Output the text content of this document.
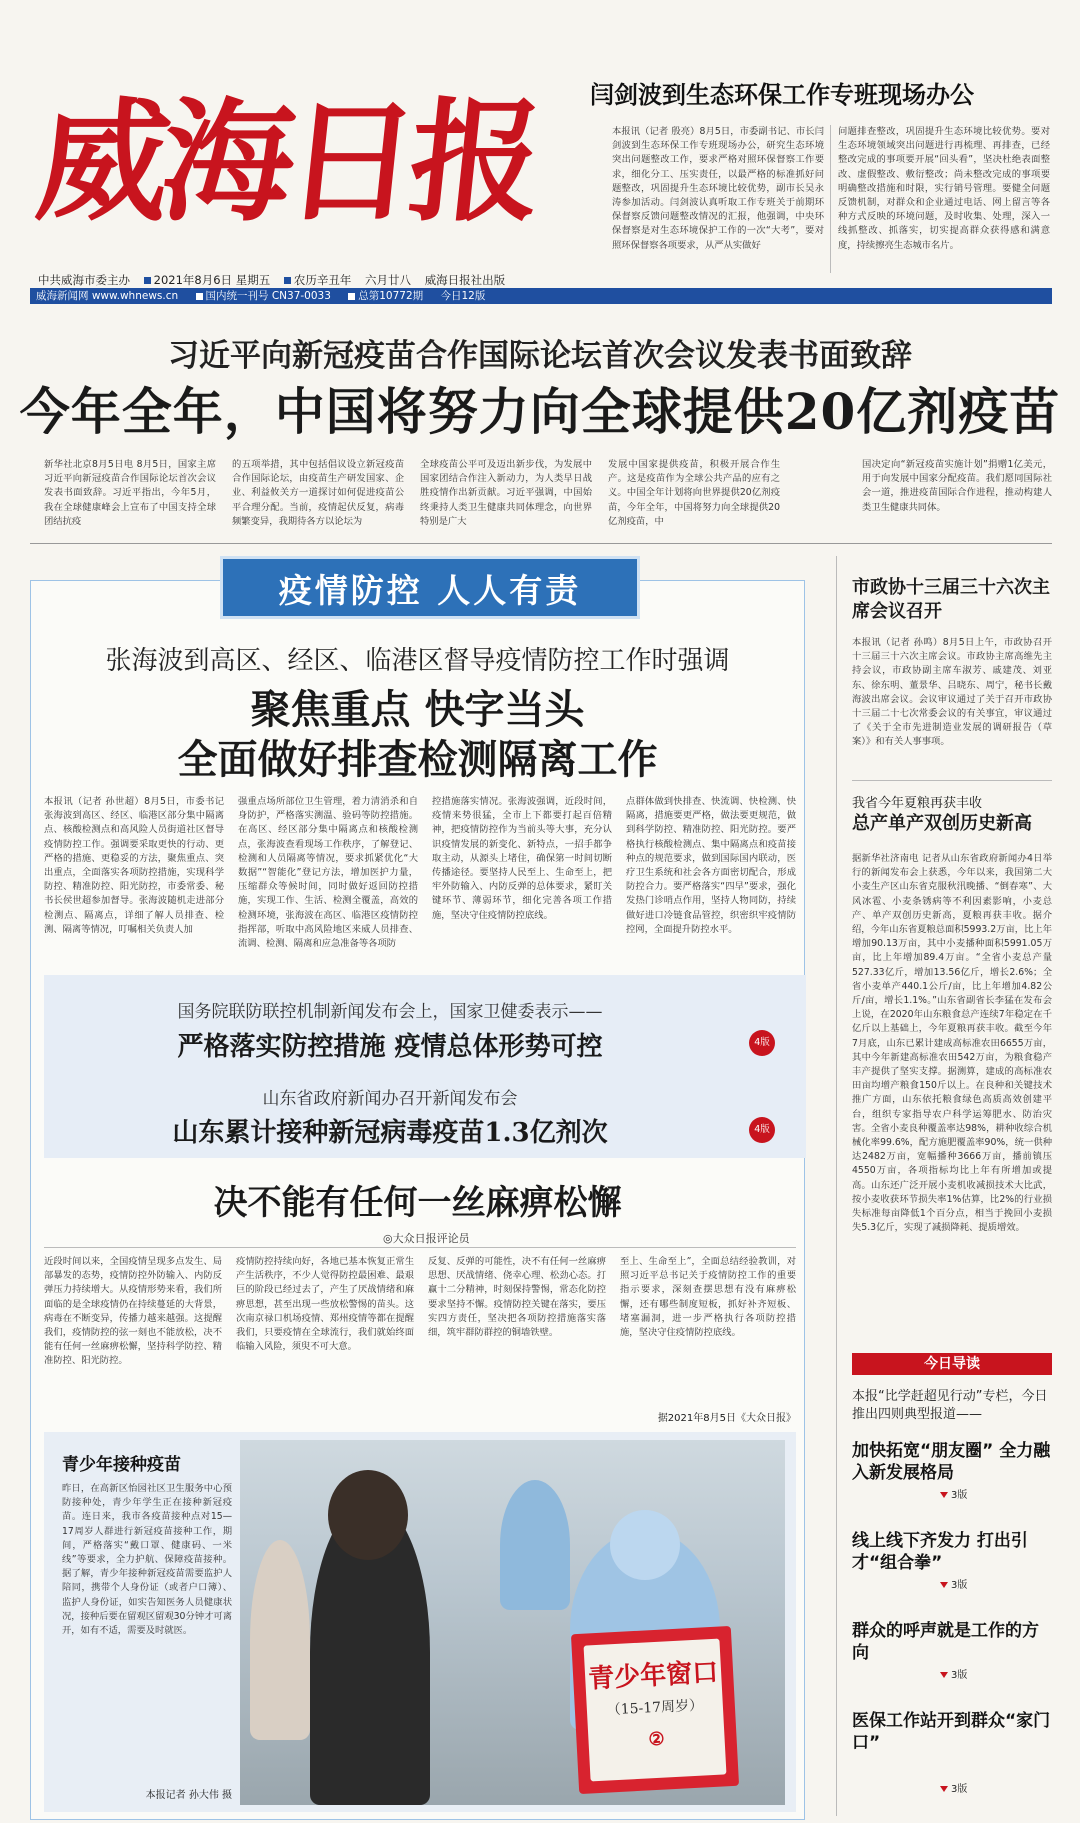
威海日报
中共威海市委主办 2021年8月6日 星期五 农历辛丑年 六月廿八 威海日报社出版
威海新闻网 www.whnews.cn	国内统一刊号 CN37-0033	总第10772期 今日12版
闫剑波到生态环保工作专班现场办公
本报讯（记者 殷亮）8月5日，市委副书记、市长闫剑波到生态环保工作专班现场办公，研究生态环境突出问题整改工作，要求严格对照环保督察工作要求，细化分工、压实责任，以最严格的标准抓好问题整改，巩固提升生态环境比较优势，副市长吴永涛参加活动。闫剑波认真听取工作专班关于前期环保督察反馈问题整改情况的汇报，他强调，中央环保督察是对生态环境保护工作的一次“大考”，要对照环保督察各项要求，从严从实做好
问题排查整改，巩固提升生态环境比较优势。要对生态环境领域突出问题进行再梳理、再排查，已经整改完成的事项要开展“回头看”，坚决杜绝表面整改、虚假整改、敷衍整改；尚未整改完成的事项要明确整改措施和时限，实行销号管理。要健全问题反馈机制，对群众和企业通过电话、网上留言等各种方式反映的环境问题，及时收集、处理，深入一线抓整改、抓落实，切实提高群众获得感和满意度，持续擦亮生态城市名片。
习近平向新冠疫苗合作国际论坛首次会议发表书面致辞
今年全年，中国将努力向全球提供20亿剂疫苗
新华社北京8月5日电 8月5日，国家主席习近平向新冠疫苗合作国际论坛首次会议发表书面致辞。习近平指出，今年5月，我在全球健康峰会上宣布了中国支持全球团结抗疫
的五项举措，其中包括倡议设立新冠疫苗合作国际论坛，由疫苗生产研发国家、企业、利益攸关方一道探讨如何促进疫苗公平合理分配。当前，疫情起伏反复，病毒频繁变异，我期待各方以论坛为
全球疫苗公平可及迈出新步伐，为发展中国家团结合作注入新动力，为人类早日战胜疫情作出新贡献。习近平强调，中国始终秉持人类卫生健康共同体理念，向世界特别是广大
发展中国家提供疫苗，积极开展合作生产。这是疫苗作为全球公共产品的应有之义。中国全年计划将向世界提供20亿剂疫苗，今年全年，中国将努力向全球提供20亿剂疫苗，中
国决定向“新冠疫苗实施计划”捐赠1亿美元，用于向发展中国家分配疫苗。我们愿同国际社会一道，推进疫苗国际合作进程，推动构建人类卫生健康共同体。
疫情防控 人人有责
张海波到高区、经区、临港区督导疫情防控工作时强调
聚焦重点 快字当头
全面做好排查检测隔离工作
本报讯（记者 孙世超）8月5日，市委书记张海波到高区、经区、临港区部分集中隔离点、核酸检测点和高风险人员街道社区督导疫情防控工作。强调要采取更快的行动、更严格的措施、更稳妥的方法，聚焦重点、突出重点，全面落实各项防控措施，实现科学防控、精准防控、阳光防控，市委常委、秘书长侯世超参加督导。张海波随机走进部分检测点、隔离点，详细了解人员排查、检测、隔离等情况，叮嘱相关负责人加
强重点场所部位卫生管理，着力清消杀和自身防护，严格落实测温、验码等防控措施。在高区、经区部分集中隔离点和核酸检测点，张海波查看现场工作秩序，了解登记、检测和人员隔离等情况，要求抓紧优化“大数据”“智能化”登记方法，增加医护力量，压缩群众等候时间，同时做好返回防控措施，实现工作、生活、检测全覆盖，高效的检测环境，张海波在高区、临港区疫情防控指挥部，听取中高风险地区来威人员排查、流调、检测、隔离和应急准备等各项防
控措施落实情况。张海波强调，近段时间，疫情来势很猛，全市上下都要打起百倍精神，把疫情防控作为当前头等大事，充分认识疫情发展的新变化、新特点，一招手都争取主动，从源头上堵住，确保第一时间切断传播途径。要坚持人民至上、生命至上，把牢外防输入、内防反弹的总体要求，紧盯关键环节、薄弱环节，细化完善各项工作措施，坚决守住疫情防控底线。
点群体做到快排查、快流调、快检测、快隔离，措施要更严格，做法要更规范，做到科学防控、精准防控、阳光防控。要严格执行核酸检测点、集中隔离点和疫苗接种点的规范要求，做到国际国内联动，医疗卫生系统和社会各方面密切配合，形成防控合力。要严格落实“四早”要求，强化发热门诊哨点作用，坚持人物同防，持续做好进口冷链食品管控，织密织牢疫情防控网，全面提升防控水平。
国务院联防联控机制新闻发布会上，国家卫健委表示——
严格落实防控措施 疫情总体形势可控	4版
山东省政府新闻办召开新闻发布会
山东累计接种新冠病毒疫苗1.3亿剂次	4版
决不能有任何一丝麻痹松懈
◎大众日报评论员
近段时间以来，全国疫情呈现多点发生、局部暴发的态势，疫情防控外防输入、内防反弹压力持续增大。从疫情形势来看，我们所面临的是全球疫情仍在持续蔓延的大背景，病毒在不断变异，传播力越来越强。这提醒我们，疫情防控的弦一刻也不能放松，决不能有任何一丝麻痹松懈，坚持科学防控、精准防控、阳光防控。
疫情防控持续向好，各地已基本恢复正常生产生活秩序，不少人觉得防控最困难、最艰巨的阶段已经过去了，产生了厌战情绪和麻痹思想，甚至出现一些放松警惕的苗头。这次南京禄口机场疫情、郑州疫情等都在提醒我们，只要疫情在全球流行，我们就始终面临输入风险，须臾不可大意。
反复、反弹的可能性，决不有任何一丝麻痹思想、厌战情绪、侥幸心理、松劲心态。打赢十二分精神，时刻保持警惕，常态化防控要求坚持不懈。疫情防控关键在落实，要压实四方责任，坚决把各项防控措施落实落细，筑牢群防群控的铜墙铁壁。
至上、生命至上”，全面总结经验教训，对照习近平总书记关于疫情防控工作的重要指示要求，深刻查摆思想有没有麻痹松懈，还有哪些制度短板，抓好补齐短板、堵塞漏洞，进一步严格执行各项防控措施，坚决守住疫情防控底线。
据2021年8月5日《大众日报》
青少年接种疫苗
昨日，在高新区怡园社区卫生服务中心预防接种处，青少年学生正在接种新冠疫苗。连日来，我市各疫苗接种点对15—17周岁人群进行新冠疫苗接种工作，期间，严格落实“戴口罩、健康码、一米线”等要求，全力护航、保障疫苗接种。据了解，青少年接种新冠疫苗需要监护人陪同，携带个人身份证（或者户口簿）、监护人身份证，如实告知医务人员健康状况，接种后要在留观区留观30分钟才可离开，如有不适，需要及时就医。
本报记者 孙大伟 摄
青少年窗口
（15-17周岁）
②
市政协十三届三十六次主席会议召开
本报讯（记者 孙鸣）8月5日上午，市政协召开十三届三十六次主席会议。市政协主席高维先主持会议，市政协副主席车淑芳、戚建茂、刘亚东、徐东明、董景华、吕晓东、周宁，秘书长戴海波出席会议。会议审议通过了关于召开市政协十三届二十七次常委会议的有关事宜，审议通过了《关于全市先进制造业发展的调研报告（草案）》和有关人事事项。
我省今年夏粮再获丰收
总产单产双创历史新高
据新华社济南电 记者从山东省政府新闻办4日举行的新闻发布会上获悉，今年以来，我国第二大小麦生产区山东省克服秋汛晚播、“倒春寒”、大风冰雹、小麦条锈病等不利因素影响，小麦总产、单产双创历史新高，夏粮再获丰收。据介绍，今年山东省夏粮总面积5993.2万亩，比上年增加90.13万亩，其中小麦播种面积5991.05万亩，比上年增加89.4万亩。“全省小麦总产量527.33亿斤，增加13.56亿斤，增长2.6%；全省小麦单产440.1公斤/亩，比上年增加4.82公斤/亩，增长1.1%。”山东省副省长李猛在发布会上说，在2020年山东粮食总产连续7年稳定在千亿斤以上基础上，今年夏粮再获丰收。截至今年7月底，山东已累计建成高标准农田6655万亩，其中今年新建高标准农田542万亩，为粮食稳产丰产提供了坚实支撑。据测算，建成的高标准农田亩均增产粮食150斤以上。在良种和关键技术推广方面，山东依托粮食绿色高质高效创建平台，组织专家指导农户科学运筹肥水、防治灾害。全省小麦良种覆盖率达98%，耕种收综合机械化率99.6%，配方施肥覆盖率90%，统一供种达2482万亩，宽幅播种3666万亩，播前镇压4550万亩，各项指标均比上年有所增加或提高。山东还广泛开展小麦机收减损技术大比武，按小麦收获环节损失率1%估算，比2%的行业损失标准每亩降低1个百分点，相当于挽回小麦损失5.3亿斤，实现了减损降耗、提质增效。
今日导读
本报“比学赶超见行动”专栏，今日推出四则典型报道——
加快拓宽“朋友圈” 全力融入新发展格局
3版
线上线下齐发力 打出引才“组合拳”
3版
群众的呼声就是工作的方向
3版
医保工作站开到群众“家门口”
3版
